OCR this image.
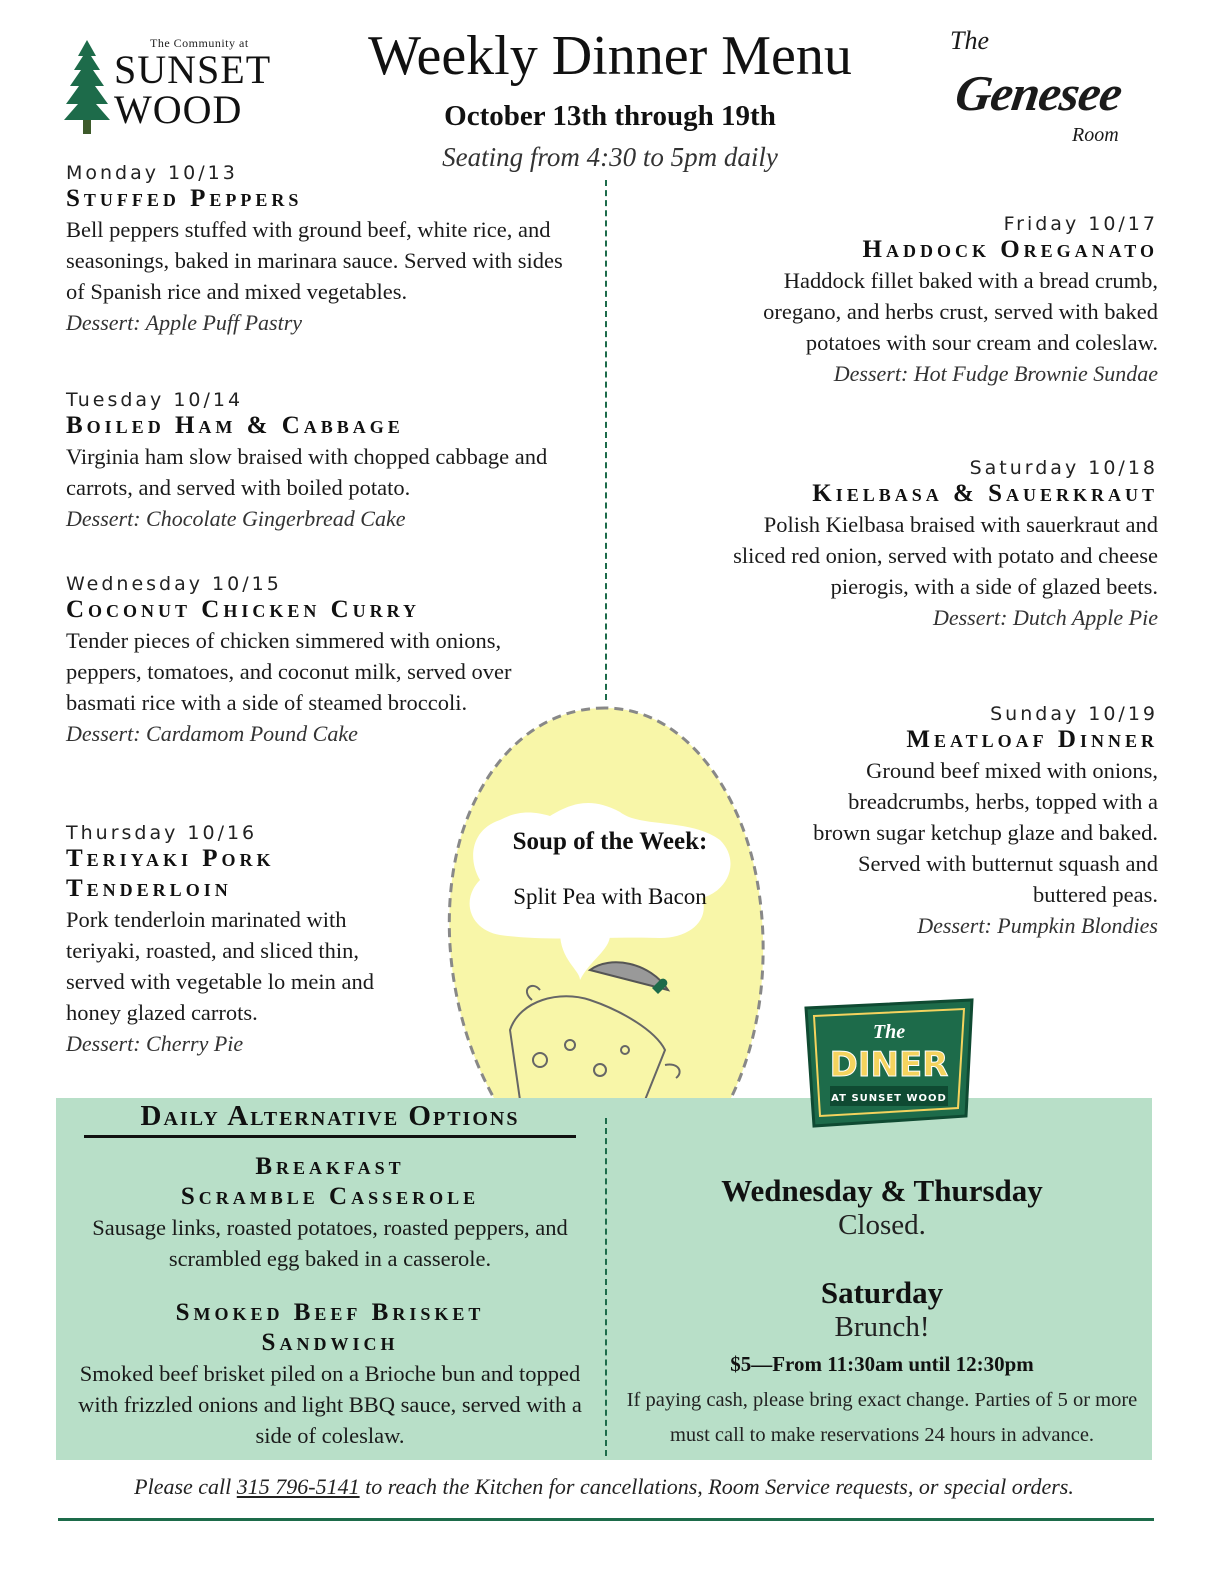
The Community at
SUNSET
WOOD
Weekly Dinner Menu
October 13th through 19th
Seating from 4:30 to 5pm daily
The
Genesee
Room
Soup of the Week:
Split Pea with Bacon
Monday 10/13
Stuffed Peppers
Bell peppers stuffed with ground beef, white rice, and seasonings, baked in marinara sauce. Served with sides of Spanish rice and mixed vegetables.
Dessert: Apple Puff Pastry
Tuesday 10/14
Boiled Ham & Cabbage
Virginia ham slow braised with chopped cabbage and carrots, and served with boiled potato.
Dessert: Chocolate Gingerbread Cake
Wednesday 10/15
Coconut Chicken Curry
Tender pieces of chicken simmered with onions, peppers, tomatoes, and coconut milk, served over basmati rice with a side of steamed broccoli.
Dessert: Cardamom Pound Cake
Thursday 10/16
Teriyaki Pork Tenderloin
Pork tenderloin marinated with teriyaki, roasted, and sliced thin, served with vegetable lo mein and honey glazed carrots.
Dessert: Cherry Pie
Friday 10/17
Haddock Oreganato
Haddock fillet baked with a bread crumb, oregano, and herbs crust, served with baked potatoes with sour cream and coleslaw.
Dessert: Hot Fudge Brownie Sundae
Saturday 10/18
Kielbasa & Sauerkraut
Polish Kielbasa braised with sauerkraut and sliced red onion, served with potato and cheese pierogis, with a side of glazed beets.
Dessert: Dutch Apple Pie
Sunday 10/19
Meatloaf Dinner
Ground beef mixed with onions, breadcrumbs, herbs, topped with a brown sugar ketchup glaze and baked. Served with butternut squash and buttered peas.
Dessert: Pumpkin Blondies
The
DINER
AT SUNSET WOOD
Daily Alternative Options
Breakfast
Scramble Casserole
Sausage links, roasted potatoes, roasted peppers, and scrambled egg baked in a casserole.
Smoked Beef Brisket
Sandwich
Smoked beef brisket piled on a Brioche bun and topped with frizzled onions and light BBQ sauce, served with a side of coleslaw.
Wednesday & Thursday
Closed.
Saturday
Brunch!
$5—From 11:30am until 12:30pm
If paying cash, please bring exact change. Parties of 5 or more must call to make reservations 24 hours in advance.
Please call 315 796-5141 to reach the Kitchen for cancellations, Room Service requests, or special orders.
